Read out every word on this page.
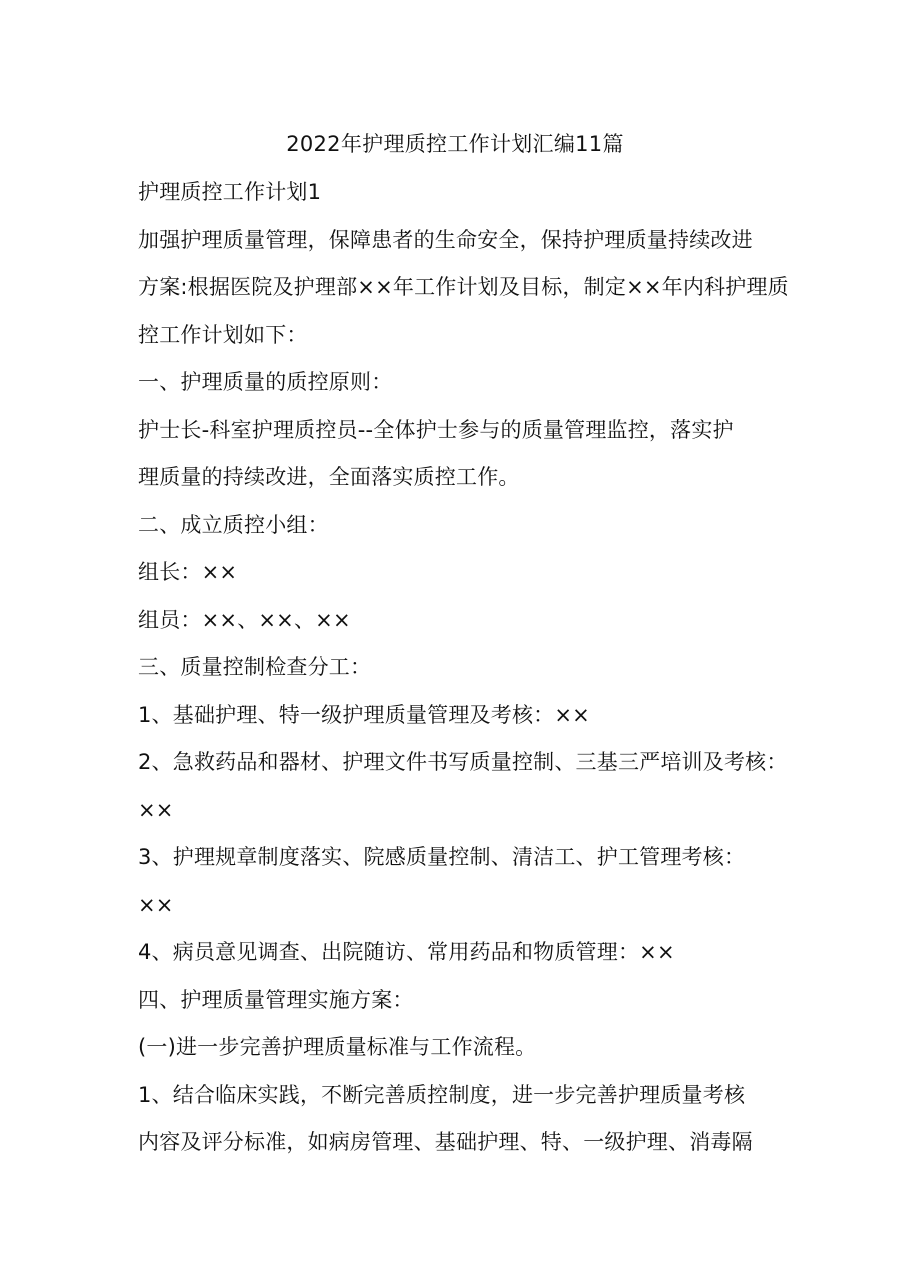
2022年护理质控工作计划汇编11篇
护理质控工作计划1
加强护理质量管理，保障患者的生命安全，保持护理质量持续改进
方案:根据医院及护理部××年工作计划及目标，制定××年内科护理质
控工作计划如下：
一、护理质量的质控原则：
护士长-科室护理质控员--全体护士参与的质量管理监控，落实护
理质量的持续改进，全面落实质控工作。
二、成立质控小组：
组长：××
组员：××、××、××
三、质量控制检查分工：
1、基础护理、特一级护理质量管理及考核：××
2、急救药品和器材、护理文件书写质量控制、三基三严培训及考核：
××
3、护理规章制度落实、院感质量控制、清洁工、护工管理考核：
××
4、病员意见调查、出院随访、常用药品和物质管理：××
四、护理质量管理实施方案：
(一)进一步完善护理质量标准与工作流程。
1、结合临床实践，不断完善质控制度，进一步完善护理质量考核
内容及评分标准，如病房管理、基础护理、特、一级护理、消毒隔
